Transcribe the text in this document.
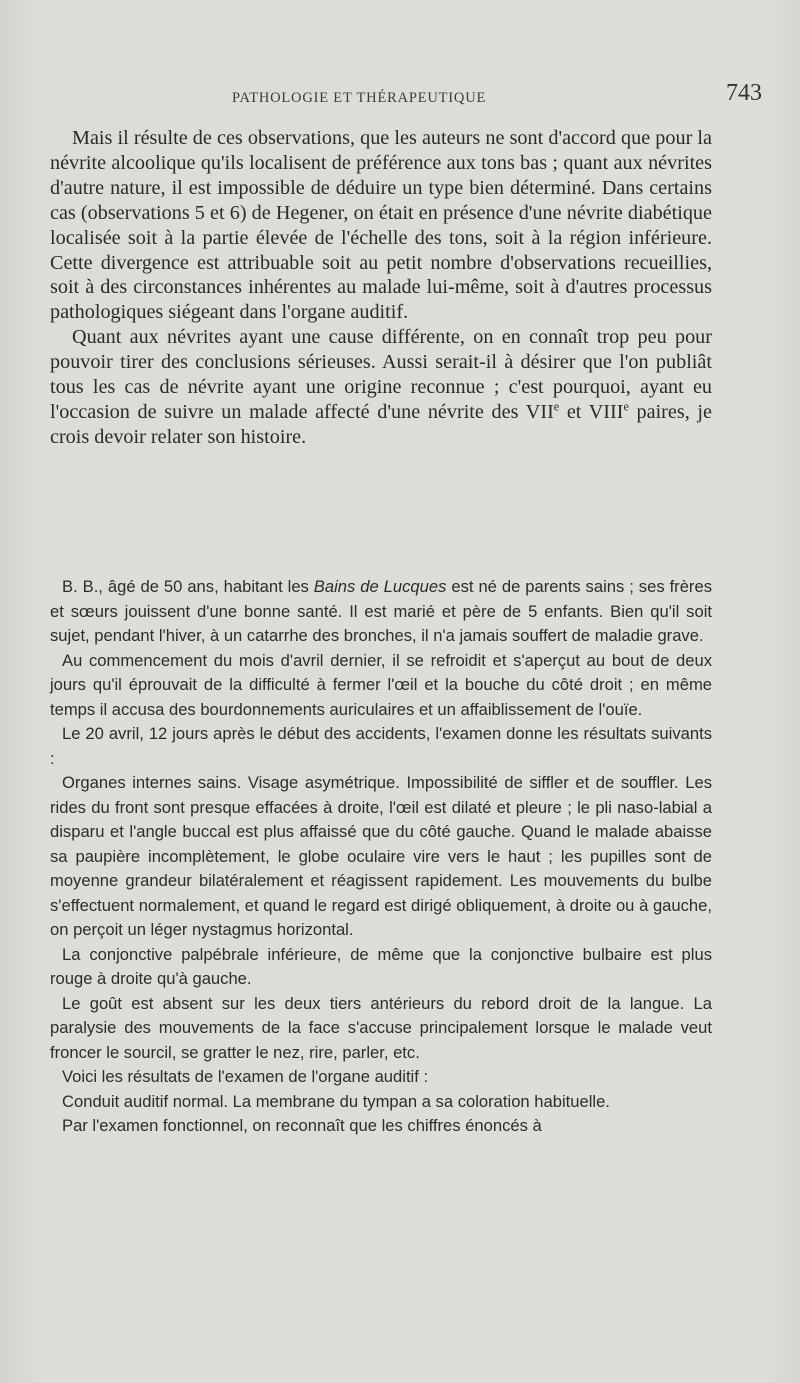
PATHOLOGIE ET THÉRAPEUTIQUE	743

Mais il résulte de ces observations, que les auteurs ne sont d'accord que pour la névrite alcoolique qu'ils localisent de préférence aux tons bas ; quant aux névrites d'autre nature, il est impossible de déduire un type bien déterminé. Dans certains cas (observations 5 et 6) de Hegener, on était en présence d'une névrite diabétique localisée soit à la partie élevée de l'échelle des tons, soit à la région inférieure. Cette divergence est attribuable soit au petit nombre d'observations recueillies, soit à des circonstances inhérentes au malade lui-même, soit à d'autres processus pathologiques siégeant dans l'organe auditif.

Quant aux névrites ayant une cause différente, on en connaît trop peu pour pouvoir tirer des conclusions sérieuses. Aussi serait-il à désirer que l'on publiât tous les cas de névrite ayant une origine reconnue ; c'est pourquoi, ayant eu l'occasion de suivre un malade affecté d'une névrite des VIIe et VIIIe paires, je crois devoir relater son histoire.

B. B., âgé de 50 ans, habitant les Bains de Lucques est né de parents sains ; ses frères et sœurs jouissent d'une bonne santé. Il est marié et père de 5 enfants. Bien qu'il soit sujet, pendant l'hiver, à un catarrhe des bronches, il n'a jamais souffert de maladie grave.

Au commencement du mois d'avril dernier, il se refroidit et s'aperçut au bout de deux jours qu'il éprouvait de la difficulté à fermer l'œil et la bouche du côté droit ; en même temps il accusa des bourdonnements auriculaires et un affaiblissement de l'ouïe.

Le 20 avril, 12 jours après le début des accidents, l'examen donne les résultats suivants :

Organes internes sains. Visage asymétrique. Impossibilité de siffler et de souffler. Les rides du front sont presque effacées à droite, l'œil est dilaté et pleure ; le pli naso-labial a disparu et l'angle buccal est plus affaissé que du côté gauche. Quand le malade abaisse sa paupière incomplètement, le globe oculaire vire vers le haut ; les pupilles sont de moyenne grandeur bilatéralement et réagissent rapidement. Les mouvements du bulbe s'effectuent normalement, et quand le regard est dirigé obliquement, à droite ou à gauche, on perçoit un léger nystagmus horizontal.

La conjonctive palpébrale inférieure, de même que la conjonctive bulbaire est plus rouge à droite qu'à gauche.

Le goût est absent sur les deux tiers antérieurs du rebord droit de la langue. La paralysie des mouvements de la face s'accuse principalement lorsque le malade veut froncer le sourcil, se gratter le nez, rire, parler, etc.

Voici les résultats de l'examen de l'organe auditif :

Conduit auditif normal. La membrane du tympan a sa coloration habituelle.

Par l'examen fonctionnel, on reconnaît que les chiffres énoncés à
